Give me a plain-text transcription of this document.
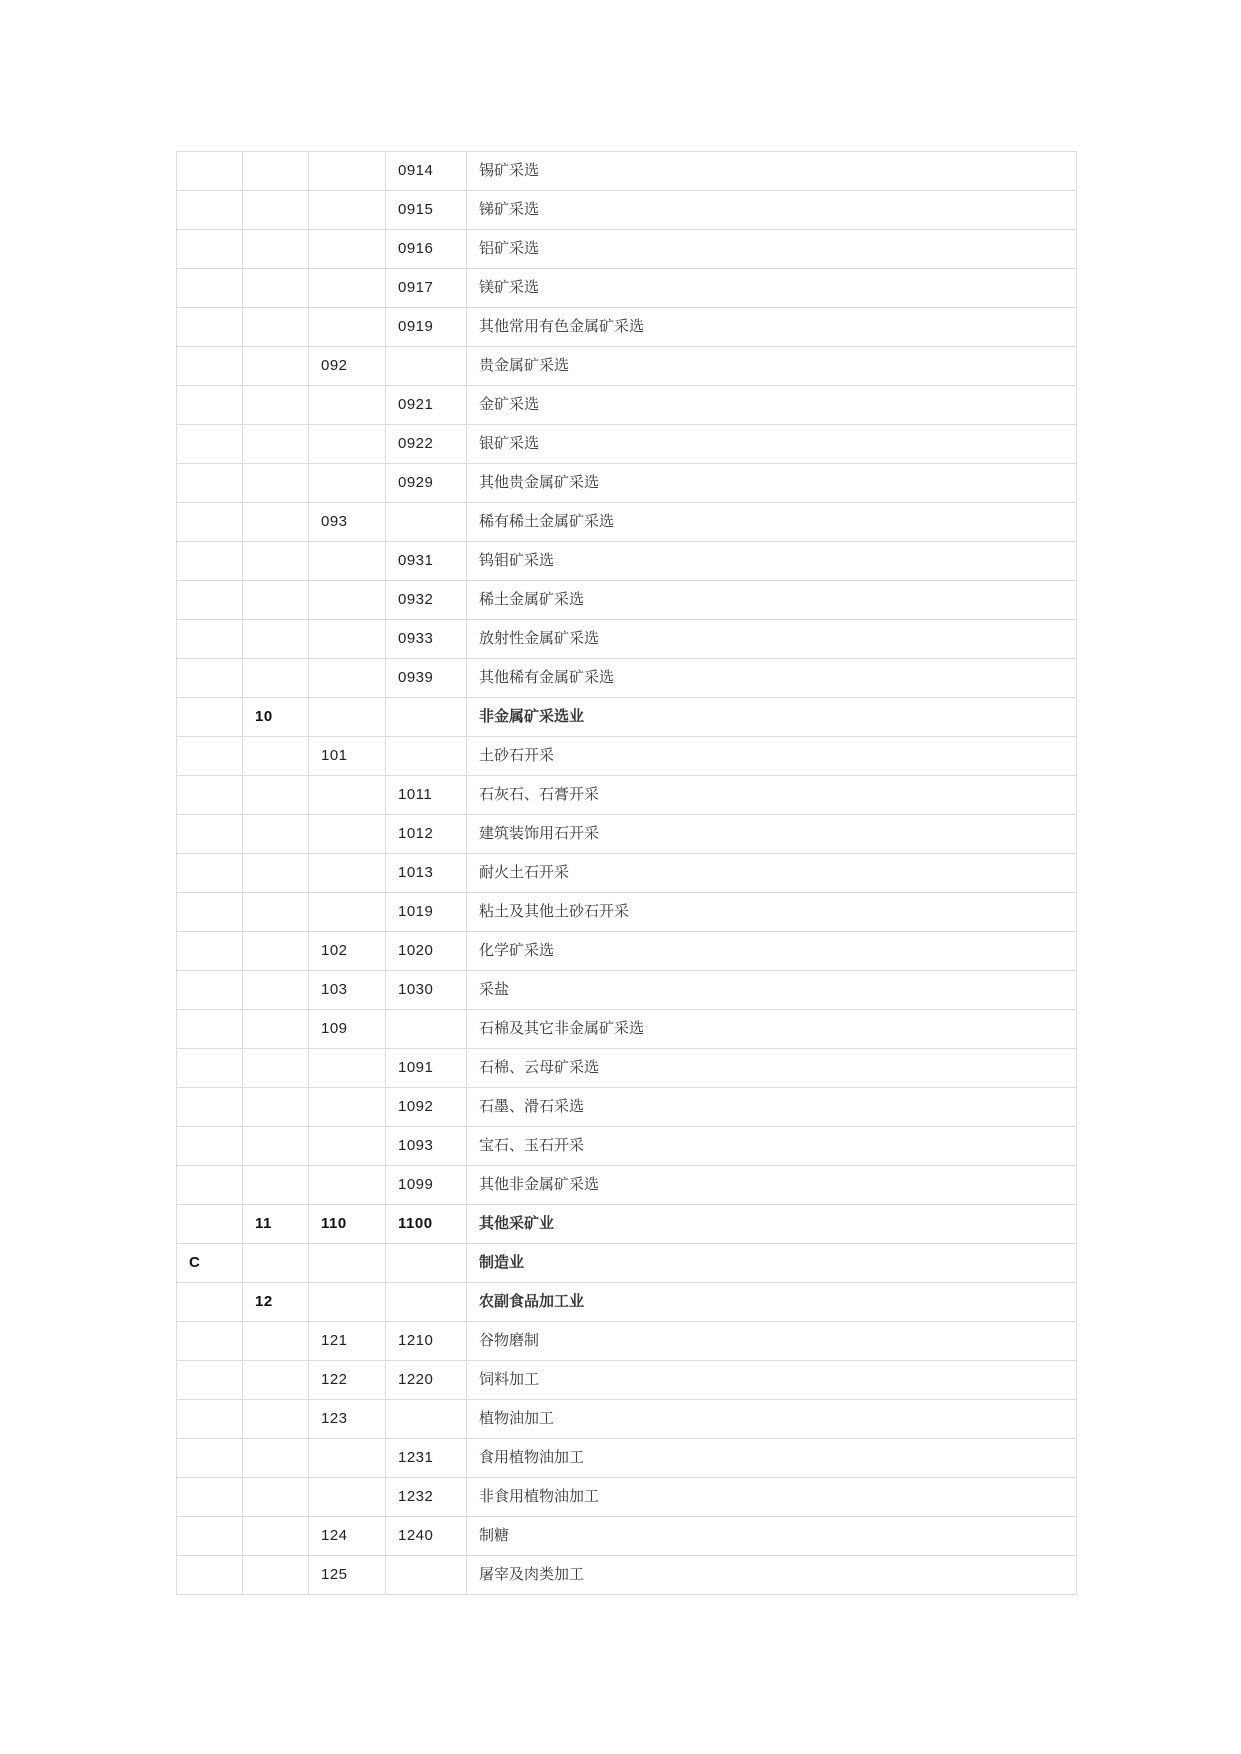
			0914	锡矿采选
			0915	锑矿采选
			0916	铝矿采选
			0917	镁矿采选
			0919	其他常用有色金属矿采选
		092		贵金属矿采选
			0921	金矿采选
			0922	银矿采选
			0929	其他贵金属矿采选
		093		稀有稀土金属矿采选
			0931	钨钼矿采选
			0932	稀土金属矿采选
			0933	放射性金属矿采选
			0939	其他稀有金属矿采选
	10			非金属矿采选业
		101		土砂石开采
			1011	石灰石、石膏开采
			1012	建筑装饰用石开采
			1013	耐火土石开采
			1019	粘土及其他土砂石开采
		102	1020	化学矿采选
		103	1030	采盐
		109		石棉及其它非金属矿采选
			1091	石棉、云母矿采选
			1092	石墨、滑石采选
			1093	宝石、玉石开采
			1099	其他非金属矿采选
	11	110	1100	其他采矿业
C				制造业
	12			农副食品加工业
		121	1210	谷物磨制
		122	1220	饲料加工
		123		植物油加工
			1231	食用植物油加工
			1232	非食用植物油加工
		124	1240	制糖
		125		屠宰及肉类加工
